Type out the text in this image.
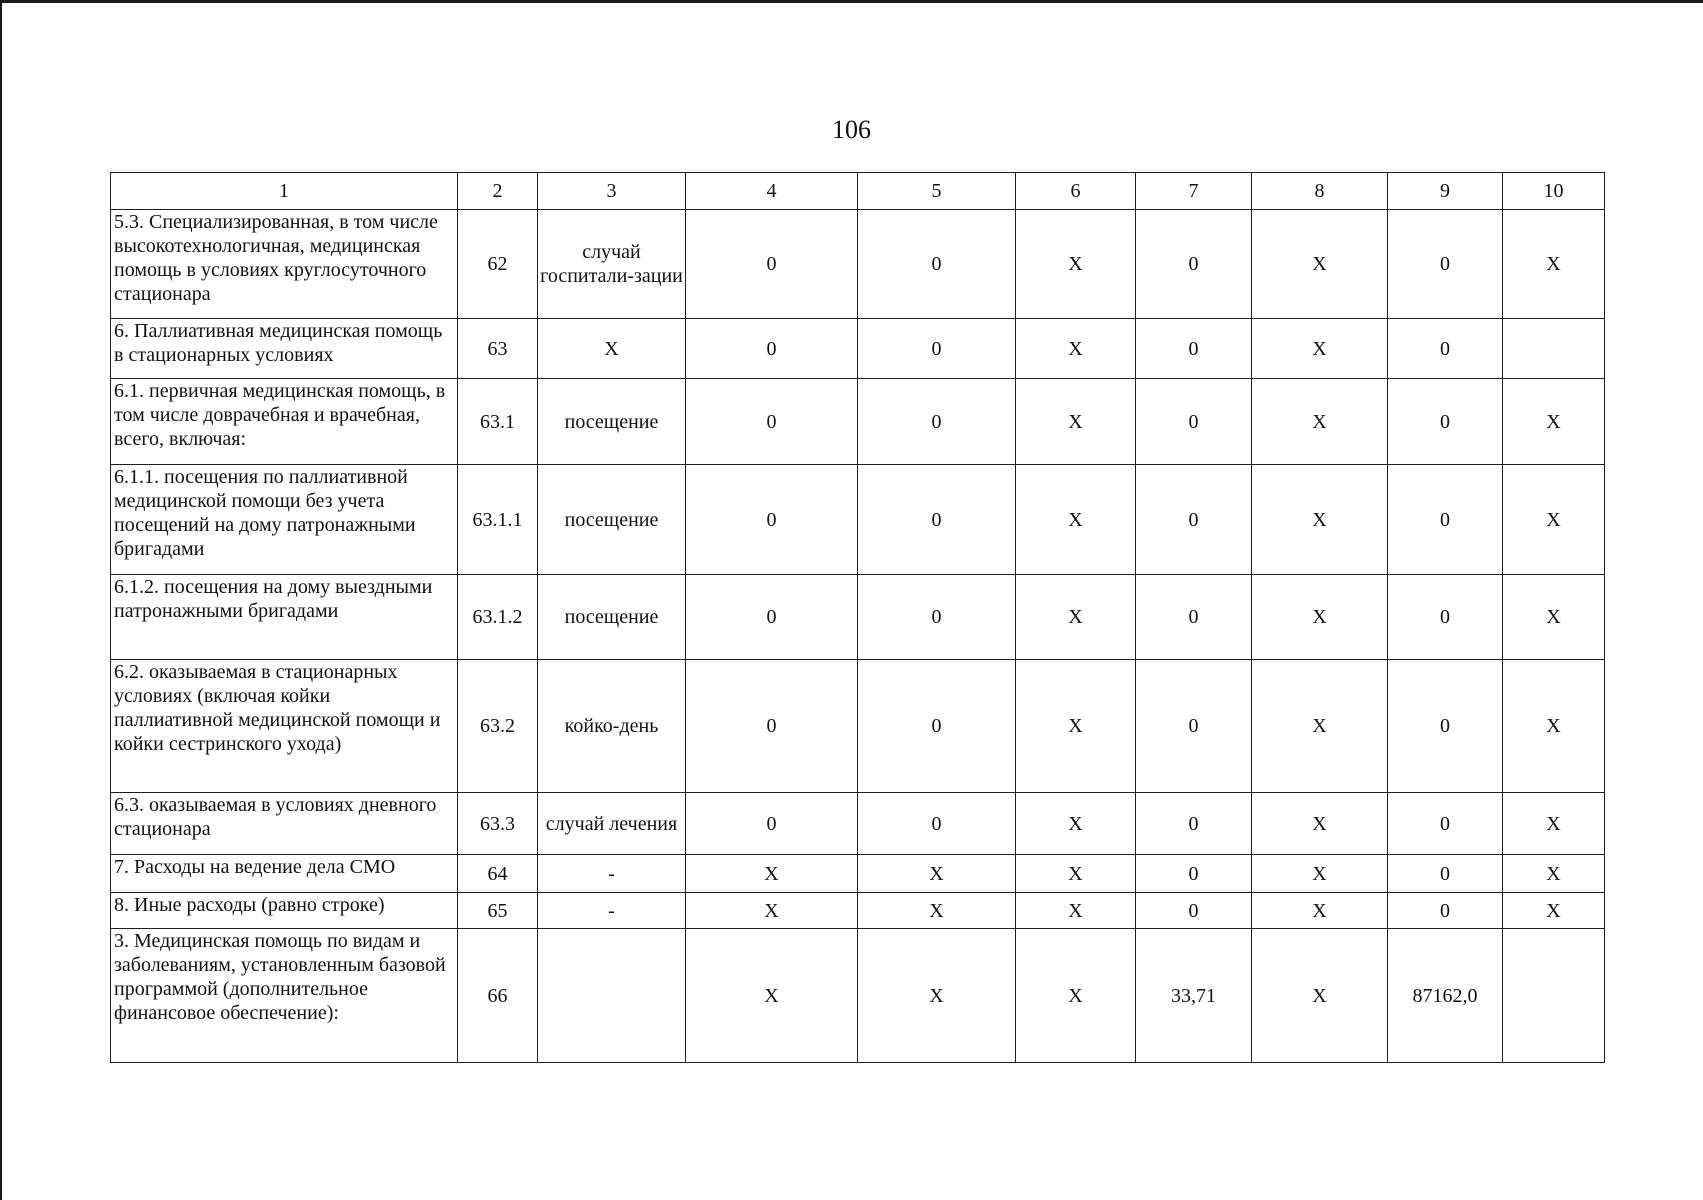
106
1	2	3	4	5	6	7	8	9	10
5.3. Специализированная, в том числе высокотехнологичная, медицинская помощь в условиях круглосуточного стационара	62	случай госпитали-зации	0	0	Х	0	Х	0	Х
6. Паллиативная медицинская помощь в стационарных условиях	63	Х	0	0	Х	0	Х	0	
6.1. первичная медицинская помощь, в том числе доврачебная и врачебная, всего, включая:	63.1	посещение	0	0	Х	0	Х	0	Х
6.1.1. посещения по паллиативной медицинской помощи без учета посещений на дому патронажными бригадами	63.1.1	посещение	0	0	Х	0	Х	0	Х
6.1.2. посещения на дому выездными патронажными бригадами	63.1.2	посещение	0	0	Х	0	Х	0	Х
6.2. оказываемая в стационарных условиях (включая койки паллиативной медицинской помощи и койки сестринского ухода)	63.2	койко-день	0	0	Х	0	Х	0	Х
6.3. оказываемая в условиях дневного стационара	63.3	случай лечения	0	0	Х	0	Х	0	Х
7. Расходы на ведение дела СМО	64	-	Х	Х	Х	0	Х	0	Х
8. Иные расходы (равно строке)	65	-	Х	Х	Х	0	Х	0	Х
3. Медицинская помощь по видам и заболеваниям, установленным базовой программой (дополнительное финансовое обеспечение):	66		Х	Х	Х	33,71	Х	87162,0	
